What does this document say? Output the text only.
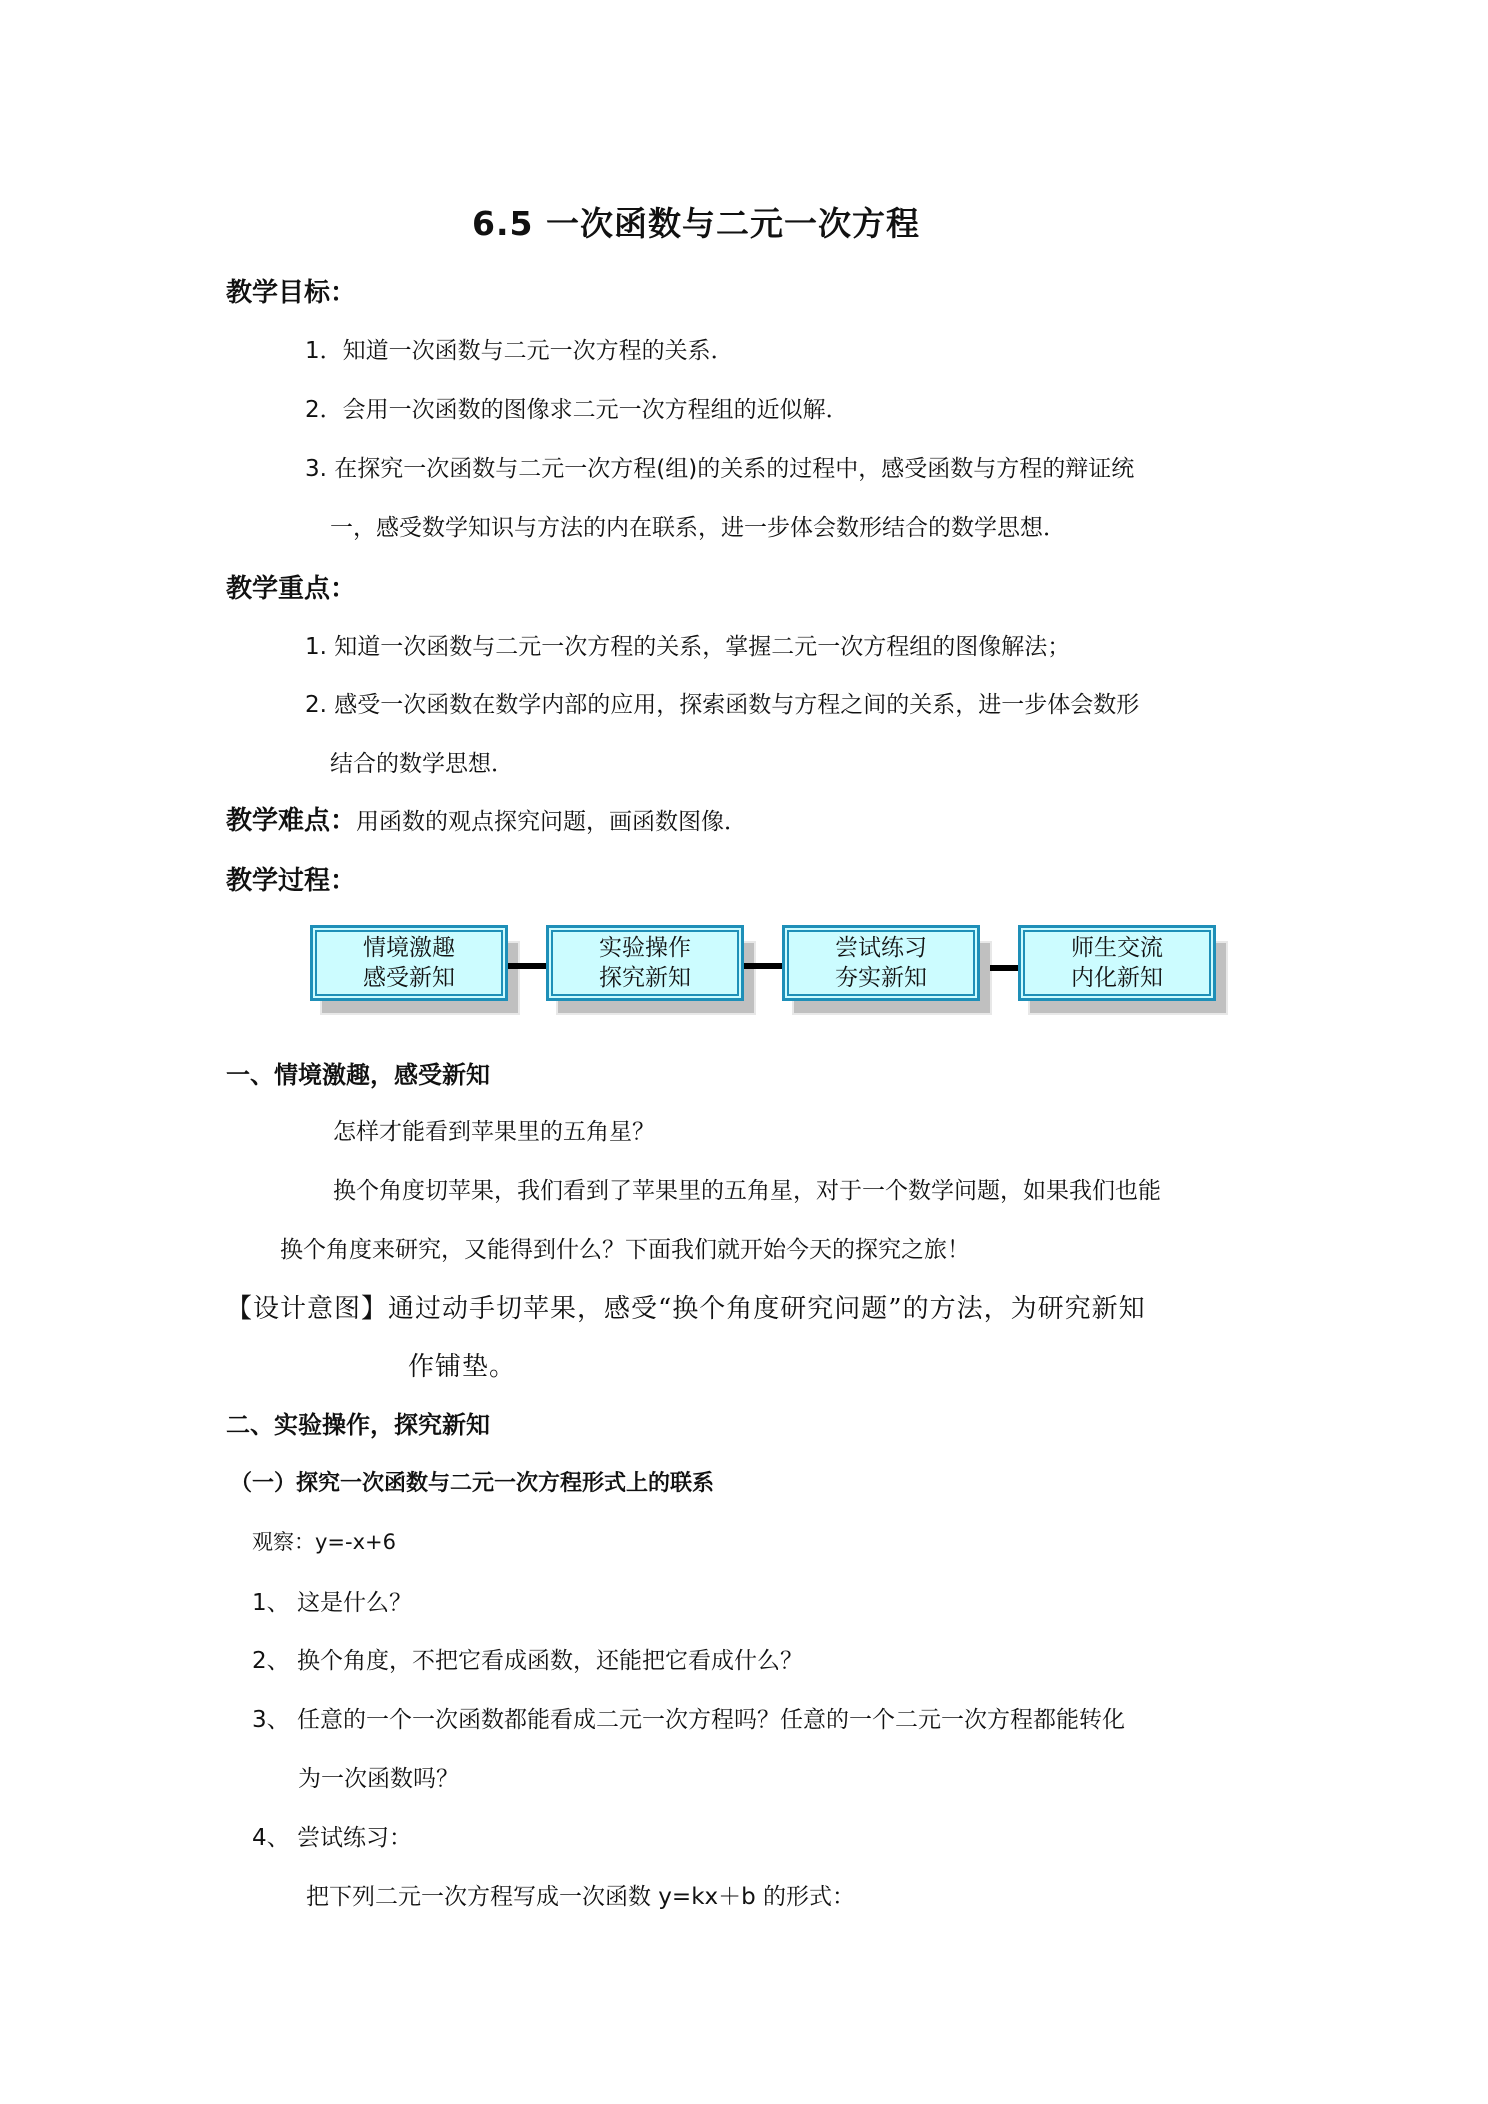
6.5 一次函数与二元一次方程
教学目标：
1．知道一次函数与二元一次方程的关系．
2．会用一次函数的图像求二元一次方程组的近似解．
3. 在探究一次函数与二元一次方程(组)的关系的过程中，感受函数与方程的辩证统
一，感受数学知识与方法的内在联系，进一步体会数形结合的数学思想．
教学重点：
1. 知道一次函数与二元一次方程的关系，掌握二元一次方程组的图像解法；
2. 感受一次函数在数学内部的应用，探索函数与方程之间的关系，进一步体会数形
结合的数学思想．
教学难点：用函数的观点探究问题，画函数图像．
教学过程：
情境激趣
感受新知
实验操作
探究新知
尝试练习
夯实新知
师生交流
内化新知
一、情境激趣，感受新知
怎样才能看到苹果里的五角星？
换个角度切苹果，我们看到了苹果里的五角星，对于一个数学问题，如果我们也能
换个角度来研究，又能得到什么？下面我们就开始今天的探究之旅！
【设计意图】通过动手切苹果，感受“换个角度研究问题”的方法，为研究新知
作铺垫。
二、实验操作，探究新知
（一）探究一次函数与二元一次方程形式上的联系
观察：y=-x+6
1、 这是什么？
2、 换个角度，不把它看成函数，还能把它看成什么？
3、 任意的一个一次函数都能看成二元一次方程吗？任意的一个二元一次方程都能转化
为一次函数吗？
4、 尝试练习：
把下列二元一次方程写成一次函数 y=kx＋b 的形式：
